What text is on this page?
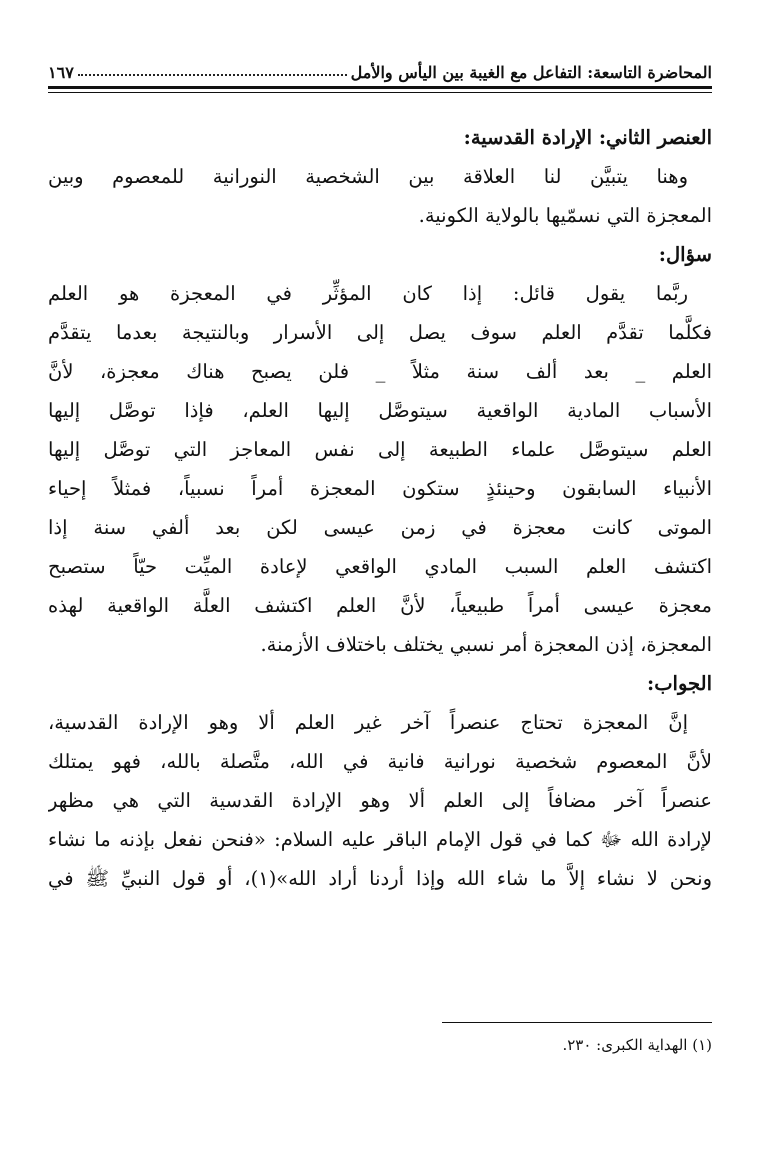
المحاضرة التاسعة: التفاعل مع الغيبة بين اليأس والأمل
١٦٧
العنصر الثاني: الإرادة القدسية:
وهنا يتبيَّن لنا العلاقة بين الشخصية النورانية للمعصوم وبين
المعجزة التي نسمّيها بالولاية الكونية.
سؤال:
ربَّما يقول قائل: إذا كان المؤثِّر في المعجزة هو العلم
فكلَّما تقدَّم العلم سوف يصل إلى الأسرار وبالنتيجة بعدما يتقدَّم
العلم _ بعد ألف سنة مثلاً _ فلن يصبح هناك معجزة، لأنَّ
الأسباب المادية الواقعية سيتوصَّل إليها العلم، فإذا توصَّل إليها
العلم سيتوصَّل علماء الطبيعة إلى نفس المعاجز التي توصَّل إليها
الأنبياء السابقون وحينئذٍ ستكون المعجزة أمراً نسبياً، فمثلاً إحياء
الموتى كانت معجزة في زمن عيسى لكن بعد ألفي سنة إذا
اكتشف العلم السبب المادي الواقعي لإعادة الميِّت حيّاً ستصبح
معجزة عيسى أمراً طبيعياً، لأنَّ العلم اكتشف العلَّة الواقعية لهذه
المعجزة، إذن المعجزة أمر نسبي يختلف باختلاف الأزمنة.
الجواب:
إنَّ المعجزة تحتاج عنصراً آخر غير العلم ألا وهو الإرادة القدسية،
لأنَّ المعصوم شخصية نورانية فانية في الله، متَّصلة بالله، فهو يمتلك
عنصراً آخر مضافاً إلى العلم ألا وهو الإرادة القدسية التي هي مظهر
لإرادة الله ﷻ كما في قول الإمام الباقر عليه السلام: «فنحن نفعل بإذنه ما نشاء
ونحن لا نشاء إلاَّ ما شاء الله وإذا أردنا أراد الله»(١)، أو قول النبيِّ ﷺ في
(١) الهداية الكبرى: ٢٣٠.
